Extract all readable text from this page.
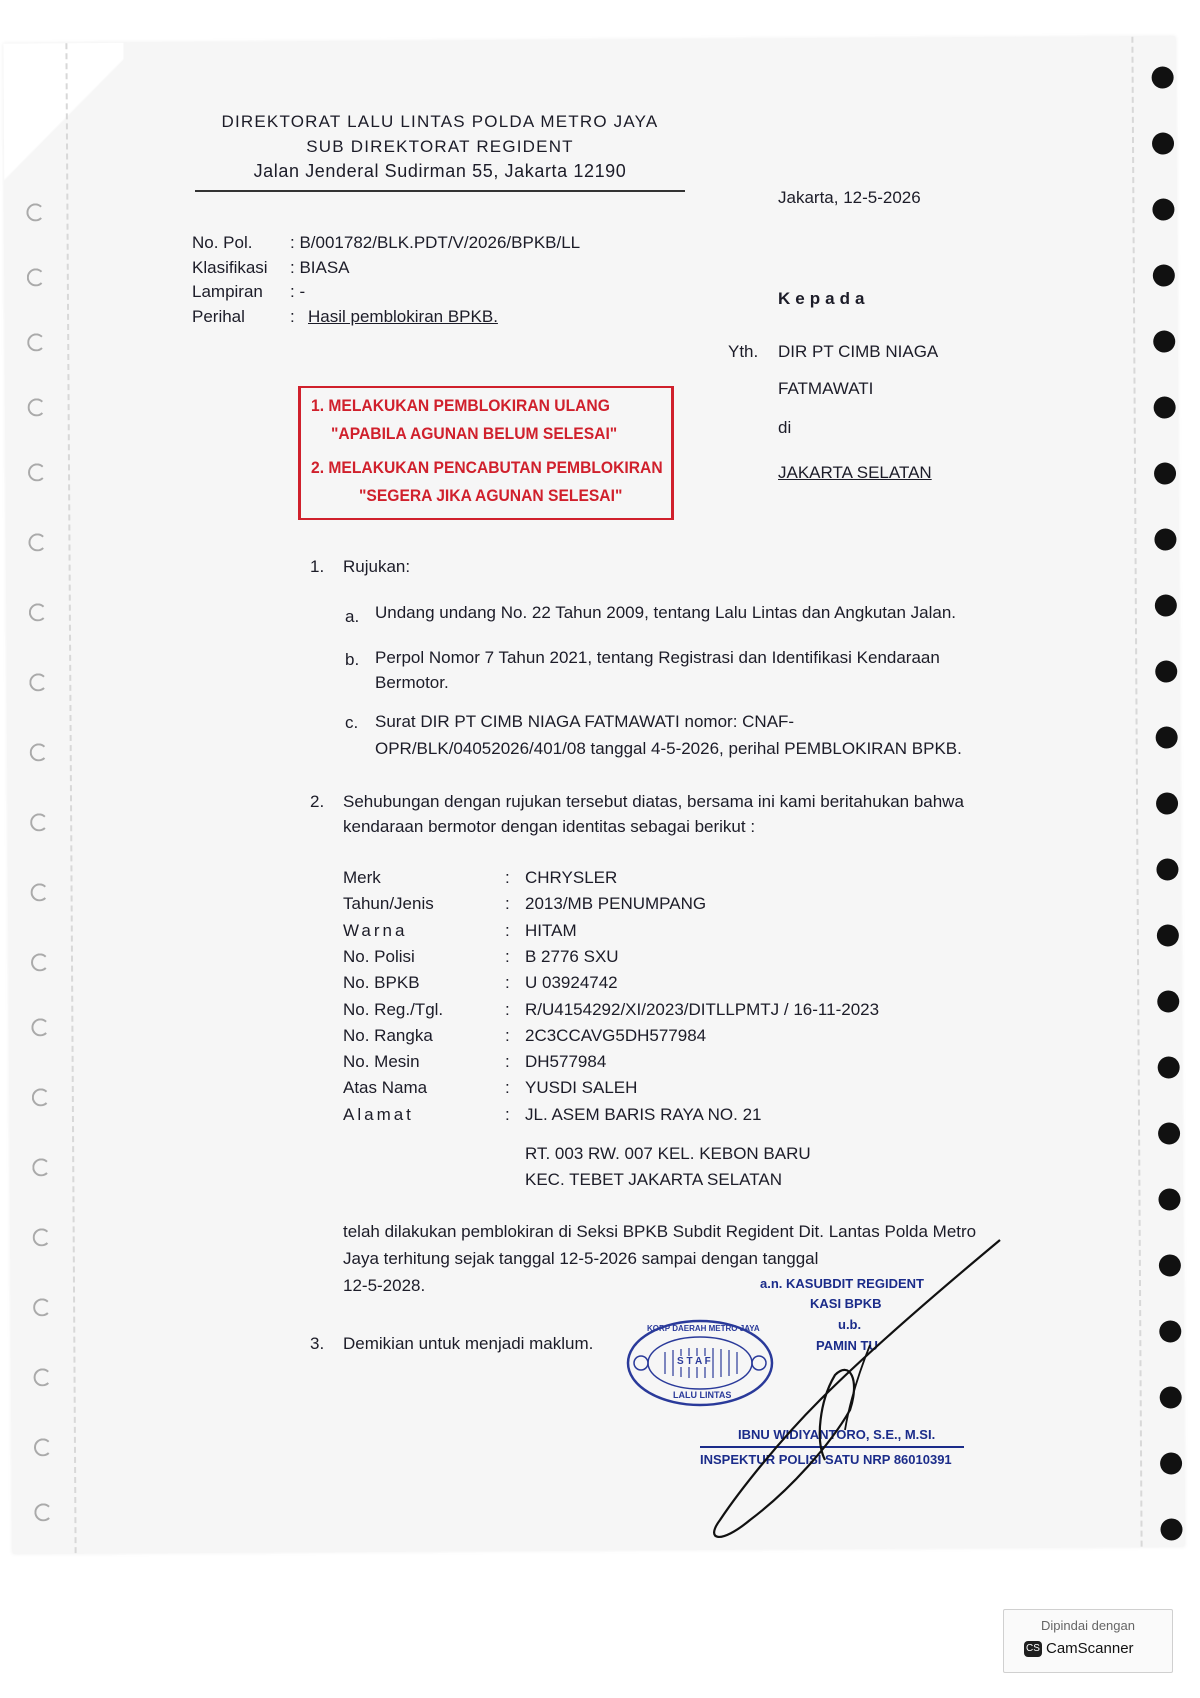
DIREKTORAT LALU LINTAS POLDA METRO JAYA
SUB DIREKTORAT REGIDENT
Jalan Jenderal Sudirman 55, Jakarta 12190
Jakarta, 12-5-2026
No. Pol. : B/001782/BLK.PDT/V/2026/BPKB/LL
Klasifikasi : BIASA
Lampiran : -
Perihal	: Hasil pemblokiran BPKB.
Kepada
Yth. DIR PT CIMB NIAGA
FATMAWATI
di
JAKARTA SELATAN
1. MELAKUKAN PEMBLOKIRAN ULANG
"APABILA AGUNAN BELUM SELESAI"
2. MELAKUKAN PENCABUTAN PEMBLOKIRAN
"SEGERA JIKA AGUNAN SELESAI"
1. Rujukan:
a. Undang undang No. 22 Tahun 2009, tentang Lalu Lintas dan Angkutan Jalan.
b. Perpol Nomor 7 Tahun 2021, tentang Registrasi dan Identifikasi Kendaraan
Bermotor.
c. Surat DIR PT CIMB NIAGA FATMAWATI nomor: CNAF-
OPR/BLK/04052026/401/08 tanggal 4-5-2026, perihal PEMBLOKIRAN BPKB.
2. Sehubungan dengan rujukan tersebut diatas, bersama ini kami beritahukan bahwa
kendaraan bermotor dengan identitas sebagai berikut :
Merk	: CHRYSLER
Tahun/Jenis	: 2013/MB PENUMPANG
Warna	: HITAM
No. Polisi	: B 2776 SXU
No. BPKB	: U 03924742
No. Reg./Tgl.	: R/U4154292/XI/2023/DITLLPMTJ / 16-11-2023
No. Rangka	: 2C3CCAVG5DH577984
No. Mesin	: DH577984
Atas Nama	: YUSDI SALEH
Alamat	: JL. ASEM BARIS RAYA NO. 21
RT. 003 RW. 007 KEL. KEBON BARU
KEC. TEBET JAKARTA SELATAN
telah dilakukan pemblokiran di Seksi BPKB Subdit Regident Dit. Lantas Polda Metro
Jaya terhitung sejak tanggal 12-5-2026 sampai dengan tanggal
12-5-2028.
3. Demikian untuk menjadi maklum.
a.n. KASUBDIT REGIDENT
KASI BPKB
u.b.
PAMIN TU
IBNU WIDIYANTORO, S.E., M.SI.
INSPEKTUR POLISI SATU NRP 86010391
KORP DAERAH METRO JAYA
S T A F
LALU LINTAS
Dipindai dengan
CS CamScanner
